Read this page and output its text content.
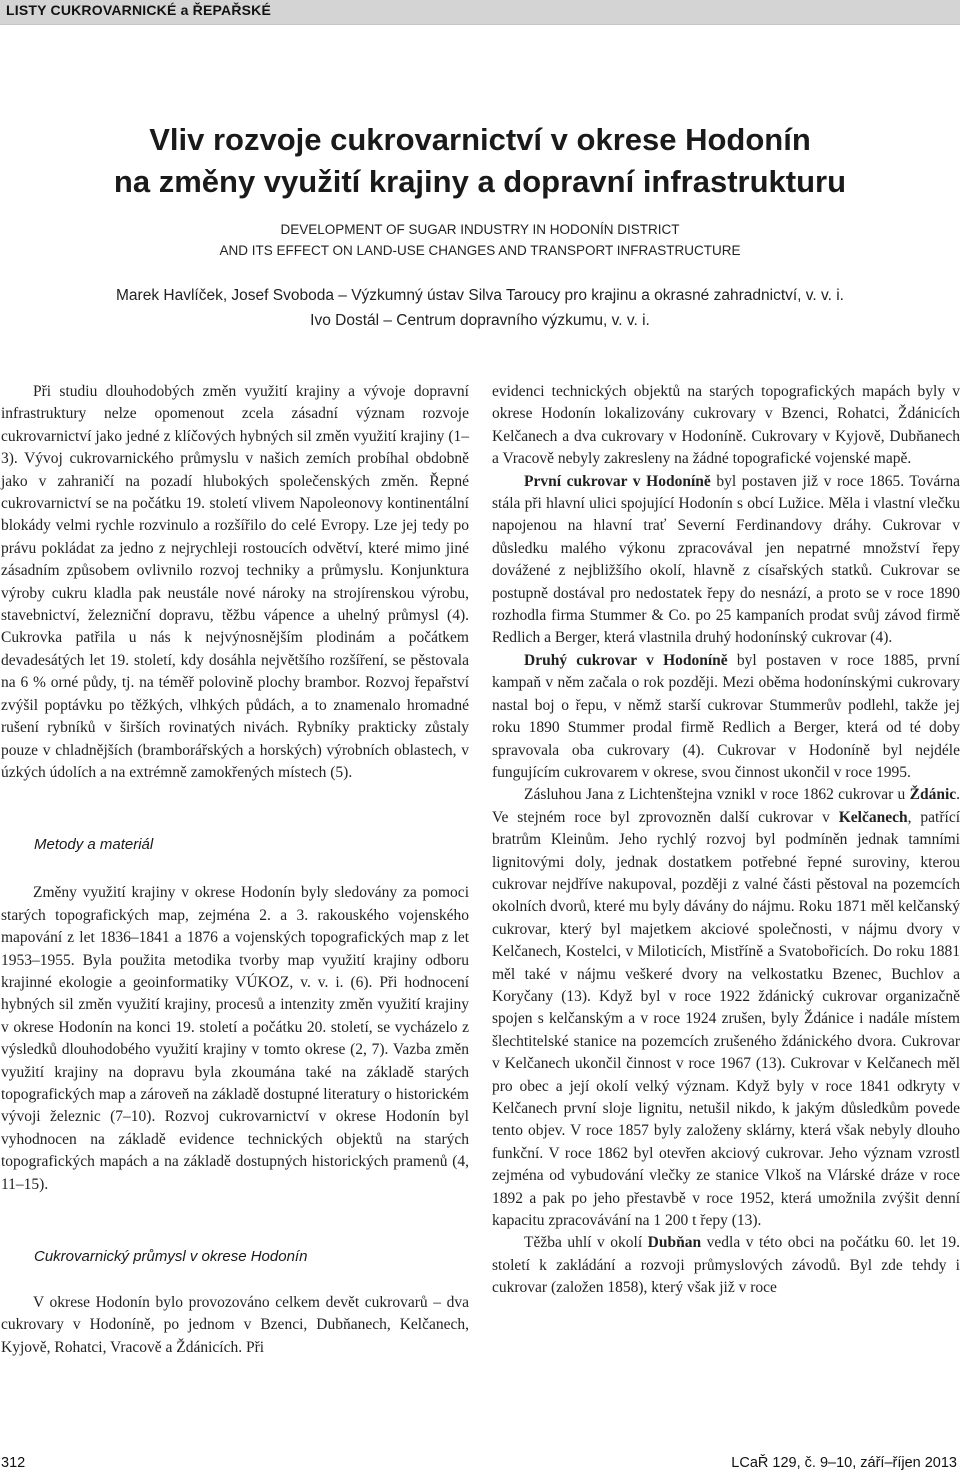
LISTY CUKROVARNICKÉ a ŘEPAŘSKÉ
Vliv rozvoje cukrovarnictví v okrese Hodonín
na změny využití krajiny a dopravní infrastrukturu
DEVELOPMENT OF SUGAR INDUSTRY IN HODONÍN DISTRICT
AND ITS EFFECT ON LAND-USE CHANGES AND TRANSPORT INFRASTRUCTURE
Marek Havlíček, Josef Svoboda – Výzkumný ústav Silva Taroucy pro krajinu a okrasné zahradnictví, v. v. i.
Ivo Dostál – Centrum dopravního výzkumu, v. v. i.

Při studiu dlouhodobých změn využití krajiny a vývoje dopravní infrastruktury nelze opomenout zcela zásadní význam rozvoje cukrovarnictví jako jedné z klíčových hybných sil změn využití krajiny (1–3). Vývoj cukrovarnického průmyslu v našich zemích probíhal obdobně jako v zahraničí na pozadí hlubokých společenských změn. Řepné cukrovarnictví se na počátku 19. století vlivem Napoleonovy kontinentální blokády velmi rychle rozvinulo a rozšířilo do celé Evropy. Lze jej tedy po právu pokládat za jedno z nejrychleji rostoucích odvětví, které mimo jiné zásadním způsobem ovlivnilo rozvoj techniky a průmyslu. Konjunktura výroby cukru kladla pak neustále nové nároky na strojírenskou výrobu, stavebnictví, železniční dopravu, těžbu vápence a uhelný průmysl (4). Cukrovka patřila u nás k nejvýnosnějším plodinám a počátkem devadesátých let 19. století, kdy dosáhla největšího rozšíření, se pěstovala na 6 % orné půdy, tj. na téměř polovině plochy brambor. Rozvoj řepařství zvýšil poptávku po těžkých, vlhkých půdách, a to znamenalo hromadné rušení rybníků v širších rovinatých nivách. Rybníky prakticky zůstaly pouze v chladnějších (bramborářských a horských) výrobních oblastech, v úzkých údolích a na extrémně zamokřených místech (5).

Metody a materiál

Změny využití krajiny v okrese Hodonín byly sledovány za pomoci starých topografických map, zejména 2. a 3. rakouského vojenského mapování z let 1836–1841 a 1876 a vojenských topografických map z let 1953–1955. Byla použita metodika tvorby map využití krajiny odboru krajinné ekologie a geoinformatiky VÚKOZ, v. v. i. (6). Při hodnocení hybných sil změn využití krajiny, procesů a intenzity změn využití krajiny v okrese Hodonín na konci 19. století a počátku 20. století, se vycházelo z výsledků dlouhodobého využití krajiny v tomto okrese (2, 7). Vazba změn využití krajiny na dopravu byla zkoumána také na základě starých topografických map a zároveň na základě dostupné literatury o historickém vývoji železnic (7–10). Rozvoj cukrovarnictví v okrese Hodonín byl vyhodnocen na základě evidence technických objektů na starých topografických mapách a na základě dostupných historických pramenů (4, 11–15).

Cukrovarnický průmysl v okrese Hodonín

V okrese Hodonín bylo provozováno celkem devět cukrovarů – dva cukrovary v Hodoníně, po jednom v Bzenci, Dubňanech, Kelčanech, Kyjově, Rohatci, Vracově a Ždánicích. Při

evidenci technických objektů na starých topografických mapách byly v okrese Hodonín lokalizovány cukrovary v Bzenci, Rohatci, Ždánicích Kelčanech a dva cukrovary v Hodoníně. Cukrovary v Kyjově, Dubňanech a Vracově nebyly zakresleny na žádné topografické vojenské mapě.

První cukrovar v Hodoníně byl postaven již v roce 1865. Továrna stála při hlavní ulici spojující Hodonín s obcí Lužice. Měla i vlastní vlečku napojenou na hlavní trať Severní Ferdinandovy dráhy. Cukrovar v důsledku malého výkonu zpracovával jen nepatrné množství řepy dovážené z nejbližšího okolí, hlavně z císařských statků. Cukrovar se postupně dostával pro nedostatek řepy do nesnází, a proto se v roce 1890 rozhodla firma Stummer & Co. po 25 kampaních prodat svůj závod firmě Redlich a Berger, která vlastnila druhý hodonínský cukrovar (4).

Druhý cukrovar v Hodoníně byl postaven v roce 1885, první kampaň v něm začala o rok později. Mezi oběma hodonínskými cukrovary nastal boj o řepu, v němž starší cukrovar Stummerův podlehl, takže jej roku 1890 Stummer prodal firmě Redlich a Berger, která od té doby spravovala oba cukrovary (4). Cukrovar v Hodoníně byl nejdéle fungujícím cukrovarem v okrese, svou činnost ukončil v roce 1995.

Zásluhou Jana z Lichtenštejna vznikl v roce 1862 cukrovar u Ždánic. Ve stejném roce byl zprovozněn další cukrovar v Kelčanech, patřící bratrům Kleinům. Jeho rychlý rozvoj byl podmíněn jednak tamními lignitovými doly, jednak dostatkem potřebné řepné suroviny, kterou cukrovar nejdříve nakupoval, později z valné části pěstoval na pozemcích okolních dvorů, které mu byly dávány do nájmu. Roku 1871 měl kelčanský cukrovar, který byl majetkem akciové společnosti, v nájmu dvory v Kelčanech, Kostelci, v Miloticích, Mistříně a Svatobořicích. Do roku 1881 měl také v nájmu veškeré dvory na velkostatku Bzenec, Buchlov a Koryčany (13). Když byl v roce 1922 ždánický cukrovar organizačně spojen s kelčanským a v roce 1924 zrušen, byly Ždánice i nadále místem šlechtitelské stanice na pozemcích zrušeného ždánického dvora. Cukrovar v Kelčanech ukončil činnost v roce 1967 (13). Cukrovar v Kelčanech měl pro obec a její okolí velký význam. Když byly v roce 1841 odkryty v Kelčanech první sloje lignitu, netušil nikdo, k jakým důsledkům povede tento objev. V roce 1857 byly založeny sklárny, která však nebyly dlouho funkční. V roce 1862 byl otevřen akciový cukrovar. Jeho význam vzrostl zejména od vybudování vlečky ze stanice Vlkoš na Vlárské dráze v roce 1892 a pak po jeho přestavbě v roce 1952, která umožnila zvýšit denní kapacitu zpracovávání na 1 200 t řepy (13).

Těžba uhlí v okolí Dubňan vedla v této obci na počátku 60. let 19. století k zakládání a rozvoji průmyslových závodů. Byl zde tehdy i cukrovar (založen 1858), který však již v roce

312	LCaŘ 129, č. 9–10, září–říjen 2013
